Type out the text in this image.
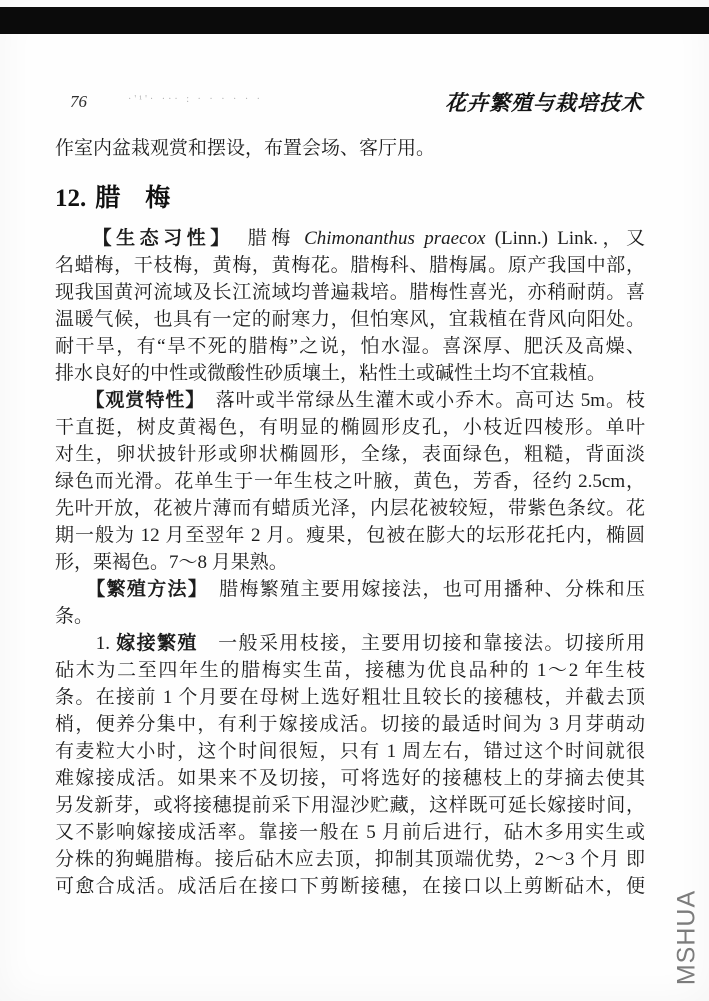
76	·'¹'· ··· : · · · · · ·	花卉繁殖与栽培技术
作室内盆栽观赏和摆设，布置会场、客厅用。
12. 腊　梅
　　【生态习性】　腊梅 Chimonanthus praecox (Linn.) Link.，又
名蜡梅，干枝梅，黄梅，黄梅花。腊梅科、腊梅属。原产我国中部，
现我国黄河流域及长江流域均普遍栽培。腊梅性喜光，亦稍耐荫。喜
温暖气候，也具有一定的耐寒力，但怕寒风，宜栽植在背风向阳处。
耐干旱，有“旱不死的腊梅”之说，怕水湿。喜深厚、肥沃及高燥、
排水良好的中性或微酸性砂质壤土，粘性土或碱性土均不宜栽植。
　　【观赏特性】　落叶或半常绿丛生灌木或小乔木。高可达 5m。枝
干直挺，树皮黄褐色，有明显的椭圆形皮孔，小枝近四棱形。单叶
对生，卵状披针形或卵状椭圆形，全缘，表面绿色，粗糙，背面淡
绿色而光滑。花单生于一年生枝之叶腋，黄色，芳香，径约 2.5cm，
先叶开放，花被片薄而有蜡质光泽，内层花被较短，带紫色条纹。花
期一般为 12 月至翌年 2 月。瘦果，包被在膨大的坛形花托内，椭圆
形，栗褐色。7～8 月果熟。
　　【繁殖方法】　腊梅繁殖主要用嫁接法，也可用播种、分株和压
条。
　　1. 嫁接繁殖　一般采用枝接，主要用切接和靠接法。切接所用
砧木为二至四年生的腊梅实生苗，接穗为优良品种的 1～2 年生枝
条。在接前 1 个月要在母树上选好粗壮且较长的接穗枝，并截去顶
梢，便养分集中，有利于嫁接成活。切接的最适时间为 3 月芽萌动
有麦粒大小时，这个时间很短，只有 1 周左右，错过这个时间就很
难嫁接成活。如果来不及切接，可将选好的接穗枝上的芽摘去使其
另发新芽，或将接穗提前采下用湿沙贮藏，这样既可延长嫁接时间，
又不影响嫁接成活率。靠接一般在 5 月前后进行，砧木多用实生或
分株的狗蝇腊梅。接后砧木应去顶，抑制其顶端优势，2～3 个月 即
可愈合成活。成活后在接口下剪断接穗，在接口以上剪断砧木，便
MSHUA
